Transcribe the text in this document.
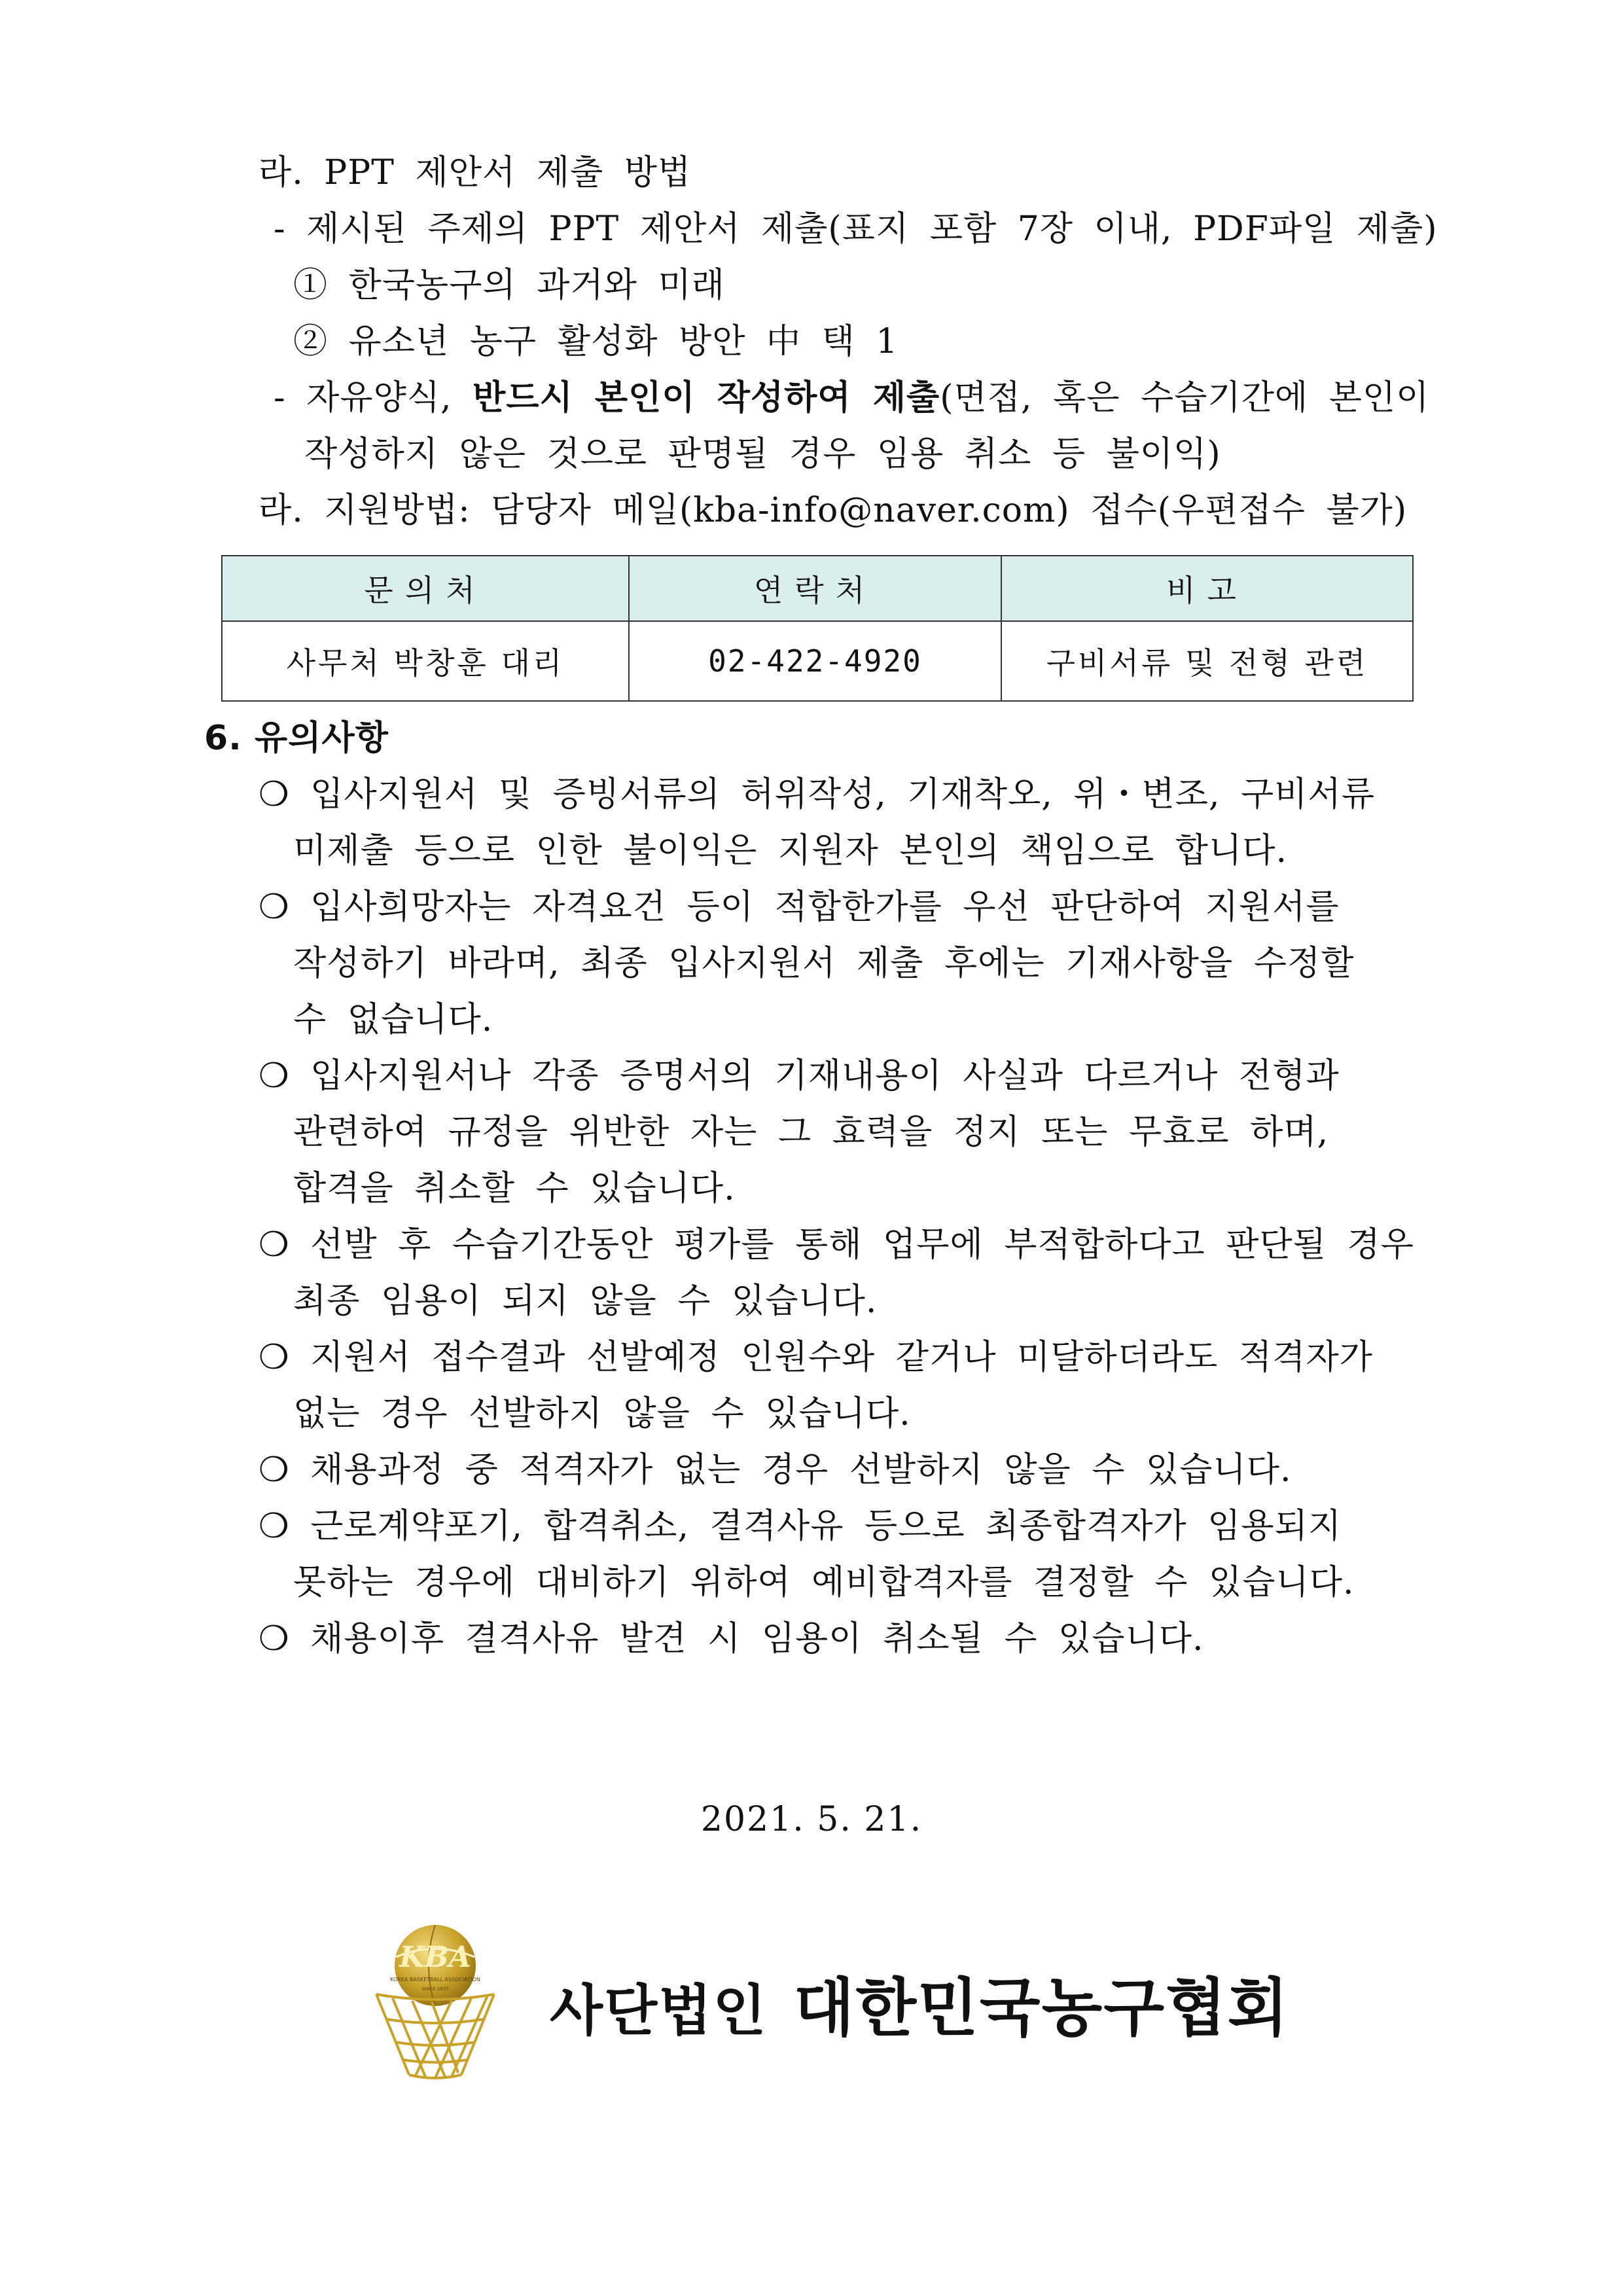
라. PPT 제안서 제출 방법
- 제시된 주제의 PPT 제안서 제출(표지 포함 7장 이내, PDF파일 제출)
① 한국농구의 과거와 미래
② 유소년 농구 활성화 방안 中 택 1
- 자유양식, 반드시 본인이 작성하여 제출(면접, 혹은 수습기간에 본인이
작성하지 않은 것으로 판명될 경우 임용 취소 등 불이익)
라. 지원방법: 담당자 메일(kba-info@naver.com) 접수(우편접수 불가)
문의처	연락처	비고
사무처 박창훈 대리	02-422-4920	구비서류 및 전형 관련
6. 유의사항
❍ 입사지원서 및 증빙서류의 허위작성, 기재착오, 위・변조, 구비서류
미제출 등으로 인한 불이익은 지원자 본인의 책임으로 합니다.
❍ 입사희망자는 자격요건 등이 적합한가를 우선 판단하여 지원서를
작성하기 바라며, 최종 입사지원서 제출 후에는 기재사항을 수정할
수 없습니다.
❍ 입사지원서나 각종 증명서의 기재내용이 사실과 다르거나 전형과
관련하여 규정을 위반한 자는 그 효력을 정지 또는 무효로 하며,
합격을 취소할 수 있습니다.
❍ 선발 후 수습기간동안 평가를 통해 업무에 부적합하다고 판단될 경우
최종 임용이 되지 않을 수 있습니다.
❍ 지원서 접수결과 선발예정 인원수와 같거나 미달하더라도 적격자가
없는 경우 선발하지 않을 수 있습니다.
❍ 채용과정 중 적격자가 없는 경우 선발하지 않을 수 있습니다.
❍ 근로계약포기, 합격취소, 결격사유 등으로 최종합격자가 임용되지
못하는 경우에 대비하기 위하여 예비합격자를 결정할 수 있습니다.
❍ 채용이후 결격사유 발견 시 임용이 취소될 수 있습니다.
2021. 5. 21.
KBA
KOREA BASKETBALL ASSOCIATION
SINCE 1925 사단법인 대한민국농구협회
